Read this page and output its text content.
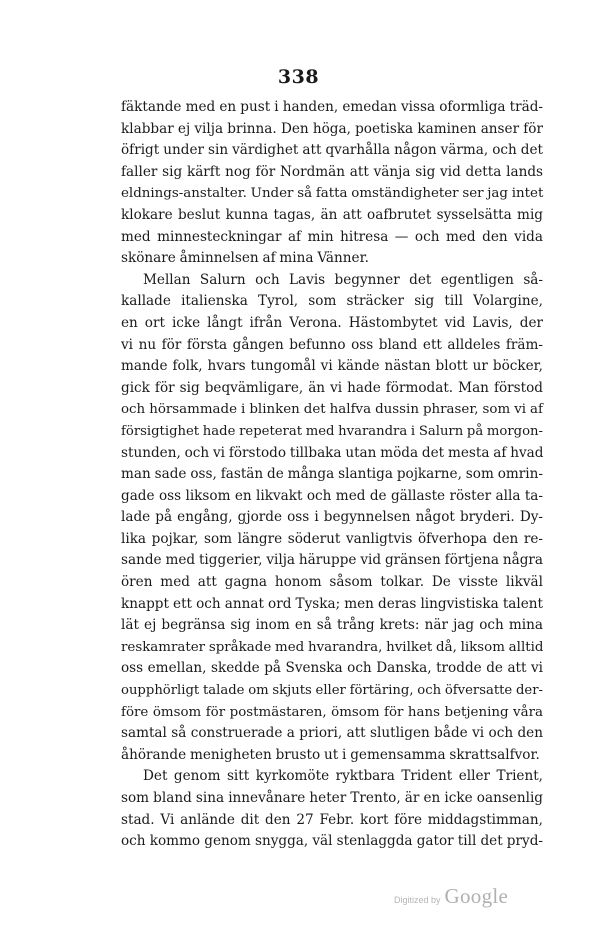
338
fäktande med en pust i handen, emedan vissa oformliga träd-
klabbar ej vilja brinna. Den höga, poetiska kaminen anser för
öfrigt under sin värdighet att qvarhålla någon värma, och det
faller sig kärft nog för Nordmän att vänja sig vid detta lands
eldnings-anstalter. Under så fatta omständigheter ser jag intet
klokare beslut kunna tagas, än att oafbrutet sysselsätta mig
med minnesteckningar af min hitresa — och med den vida
skönare åminnelsen af mina Vänner.
Mellan Salurn och Lavis begynner det egentligen så-
kallade italienska Tyrol, som sträcker sig till Volargine,
en ort icke långt ifrån Verona. Hästombytet vid Lavis, der
vi nu för första gången befunno oss bland ett alldeles främ-
mande folk, hvars tungomål vi kände nästan blott ur böcker,
gick för sig beqvämligare, än vi hade förmodat. Man förstod
och hörsammade i blinken det halfva dussin phraser, som vi af
försigtighet hade repeterat med hvarandra i Salurn på morgon-
stunden, och vi förstodo tillbaka utan möda det mesta af hvad
man sade oss, fastän de många slantiga pojkarne, som omrin-
gade oss liksom en likvakt och med de gällaste röster alla ta-
lade på engång, gjorde oss i begynnelsen något bryderi. Dy-
lika pojkar, som längre söderut vanligtvis öfverhopa den re-
sande med tiggerier, vilja häruppe vid gränsen förtjena några
ören med att gagna honom såsom tolkar. De visste likväl
knappt ett och annat ord Tyska; men deras lingvistiska talent
lät ej begränsa sig inom en så trång krets: när jag och mina
reskamrater språkade med hvarandra, hvilket då, liksom alltid
oss emellan, skedde på Svenska och Danska, trodde de att vi
oupphörligt talade om skjuts eller förtäring, och öfversatte der-
före ömsom för postmästaren, ömsom för hans betjening våra
samtal så construerade a priori, att slutligen både vi och den
åhörande menigheten brusto ut i gemensamma skrattsalfvor.
Det genom sitt kyrkomöte ryktbara Trident eller Trient,
som bland sina innevånare heter Trento, är en icke oansenlig
stad. Vi anlände dit den 27 Febr. kort före middagstimman,
och kommo genom snygga, väl stenlaggda gator till det pryd-
Digitized by Google
